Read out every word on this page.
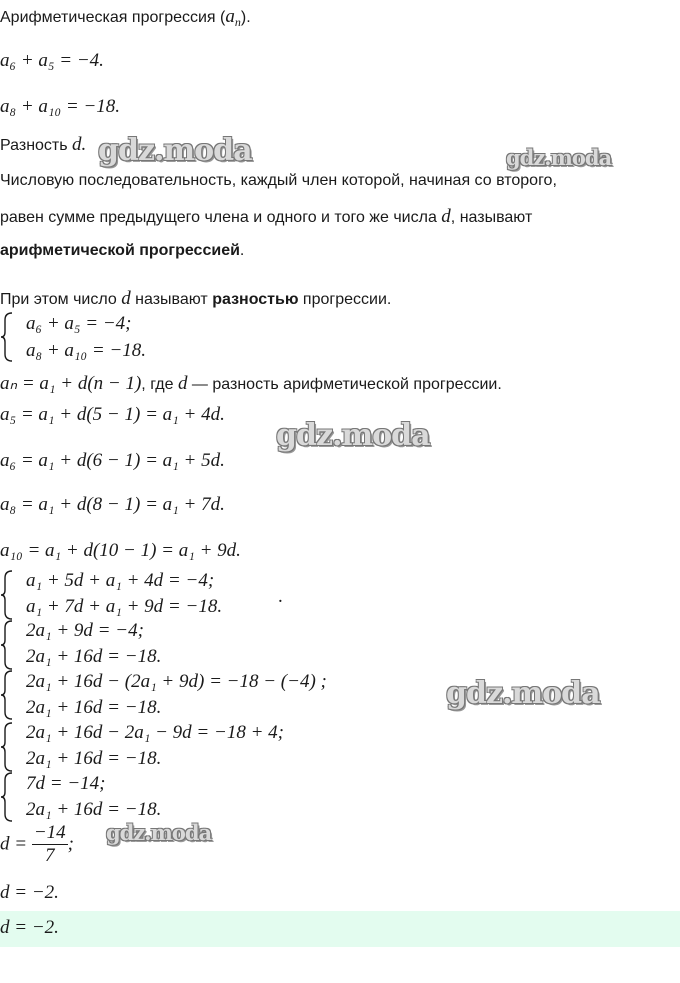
Арифметическая прогрессия $(a_n)$.
a₆ + a₅ = −4.
a₈ + a₁₀ = −18.
Разность d.
Числовую последовательность, каждый член которой, начиная со второго,
равен сумме предыдущего члена и одного и того же числа d, называют
арифметической прогрессией.
При этом число d называют разностью прогрессии.
a₆ + a₅ = −4;
a₈ + a₁₀ = −18.
aₙ = a₁ + d(n − 1), где d — разность арифметической прогрессии.
a₅ = a₁ + d(5 − 1) = a₁ + 4d.
a₆ = a₁ + d(6 − 1) = a₁ + 5d.
a₈ = a₁ + d(8 − 1) = a₁ + 7d.
a₁₀ = a₁ + d(10 − 1) = a₁ + 9d.
a₁ + 5d + a₁ + 4d = −4;
a₁ + 7d + a₁ + 9d = −18.	.
2a₁ + 9d = −4;
2a₁ + 16d = −18.
2a₁ + 16d − (2a₁ + 9d) = −18 − (−4) ;
2a₁ + 16d = −18.
2a₁ + 16d − 2a₁ − 9d = −18 + 4;
2a₁ + 16d = −18.
7d = −14;
2a₁ + 16d = −18.
$d = \frac{-14}{7}$ ;
d = −2.
d = −2.
gdz.moda	gdz.moda
gdz.moda
gdz.moda
gdz.moda
